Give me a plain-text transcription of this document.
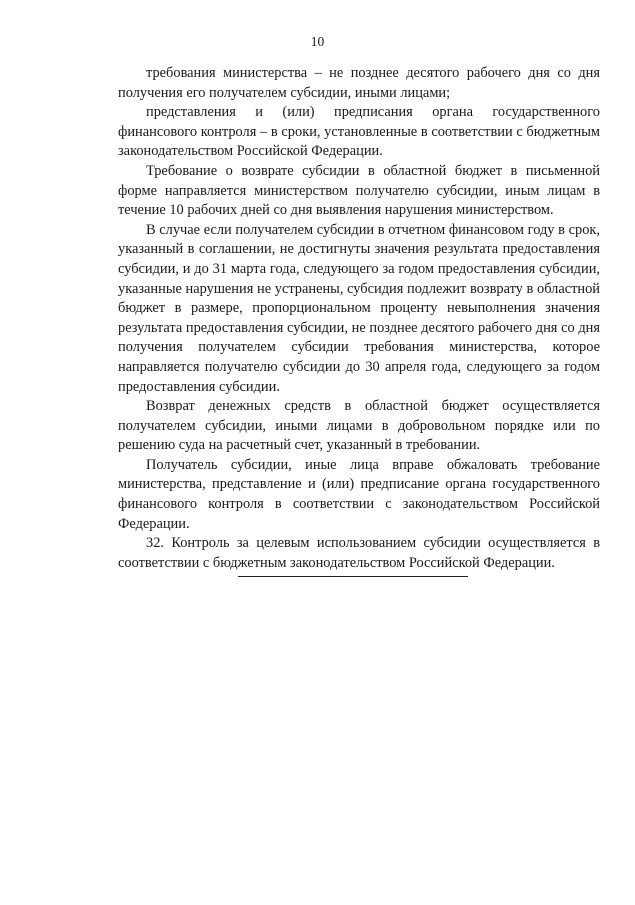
10

требования министерства – не позднее десятого рабочего дня со дня получения его получателем субсидии, иными лицами;

представления и (или) предписания органа государственного финансового контроля – в сроки, установленные в соответствии с бюджетным законодательством Российской Федерации.

Требование о возврате субсидии в областной бюджет в письменной форме направляется министерством получателю субсидии, иным лицам в течение 10 рабочих дней со дня выявления нарушения министерством.

В случае если получателем субсидии в отчетном финансовом году в срок, указанный в соглашении, не достигнуты значения результата предоставления субсидии, и до 31 марта года, следующего за годом предоставления субсидии, указанные нарушения не устранены, субсидия подлежит возврату в областной бюджет в размере, пропорциональном проценту невыполнения значения результата предоставления субсидии, не позднее десятого рабочего дня со дня получения получателем субсидии требования министерства, которое направляется получателю субсидии до 30 апреля года, следующего за годом предоставления субсидии.

Возврат денежных средств в областной бюджет осуществляется получателем субсидии, иными лицами в добровольном порядке или по решению суда на расчетный счет, указанный в требовании.

Получатель субсидии, иные лица вправе обжаловать требование министерства, представление и (или) предписание органа государственного финансового контроля в соответствии с законодательством Российской Федерации.

32. Контроль за целевым использованием субсидии осуществляется в соответствии с бюджетным законодательством Российской Федерации.
